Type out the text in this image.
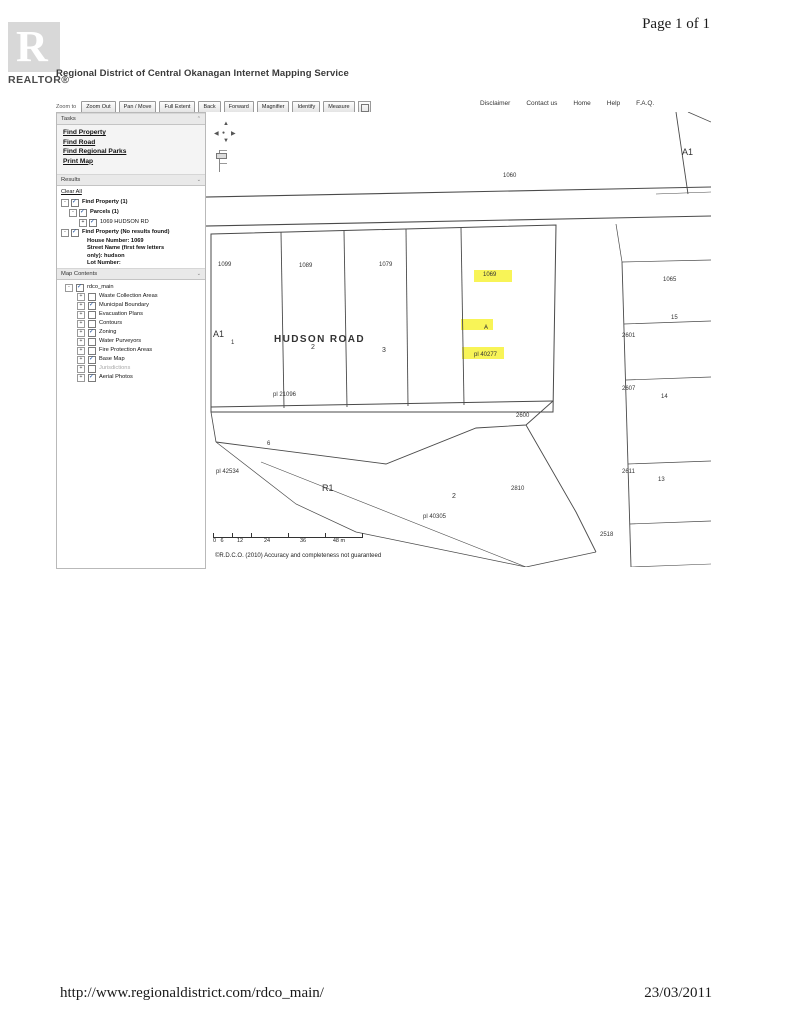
Page 1 of 1
R
REALTOR®
Regional District of Central Okanagan Internet Mapping Service
Zoom to	Zoom Out	Pan / Move	Full Extent	Back	Forward	Magnifier	Identify	Measure	Disclaimer Contact us Home Help F.A.Q.
HUDSON ROAD
A1
1060
1099	1089	1079
1069
1065
15
2601
A1
1
2	3
A
pl 40277
2607
14
pl 21096
2600
6
2611
13
pl 42534
R1
2
2810
pl 40305
2518
▲
◀ ▶
▼
●
0 6	12	24	36	48 m
©R.D.C.O. (2010) Accuracy and completeness not guaranteed
Tasks	⌃
Find Property
Find Road
Find Regional Parks
Print Map
Results	⌄
Clear All
- ✓	Find Property (1)
- ✓	Parcels (1)
+ ✓	1069 HUDSON RD
- ✓	Find Property (No results found)
House Number: 1069
Street Name (first few letters
only): hudson
Lot Number:
Map Contents	⌄
- ✓	rdco_main
+	Waste Collection Areas
+ ✓	Municipal Boundary
+	Evacuation Plans
+	Contours
+ ✓	Zoning
+	Water Purveyors
+	Fire Protection Areas
+ ✓	Base Map
+	Jurisdictions
+ ✓	Aerial Photos
http://www.regionaldistrict.com/rdco_main/	23/03/2011
